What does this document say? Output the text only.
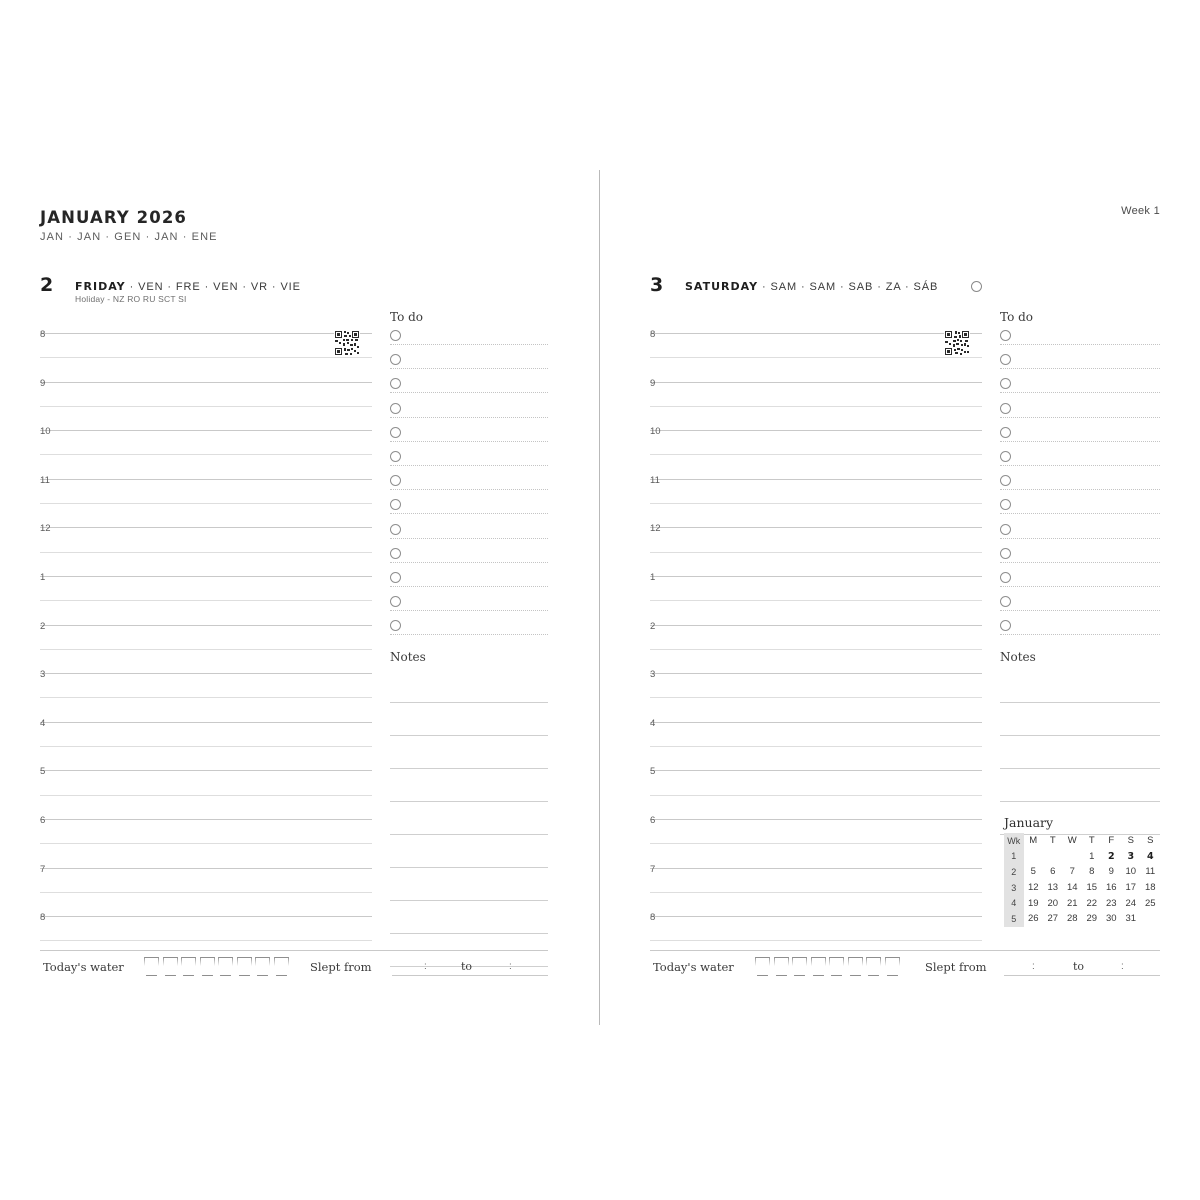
JANUARY 2026
JAN · JAN · GEN · JAN · ENE
2 FRIDAY · VEN · FRE · VEN · VR · VIE
Holiday - NZ RO RU SCT SI
8
9
10
11
12
1
2
3
4
5
6
7
8
To do
Notes
Today's water	Slept from	:	to	:
Week 1
3 SATURDAY · SAM · SAM · SAB · ZA · SÁB
8
9
10
11
12
1
2
3
4
5
6
7
8
To do
Notes
Today's water	Slept from	:	to	:
January
Wk	M	T	W	T	F	S	S
1				1	2	3	4
2	5	6	7	8	9	10	11
3	12	13	14	15	16	17	18
4	19	20	21	22	23	24	25
5	26	27	28	29	30	31	
